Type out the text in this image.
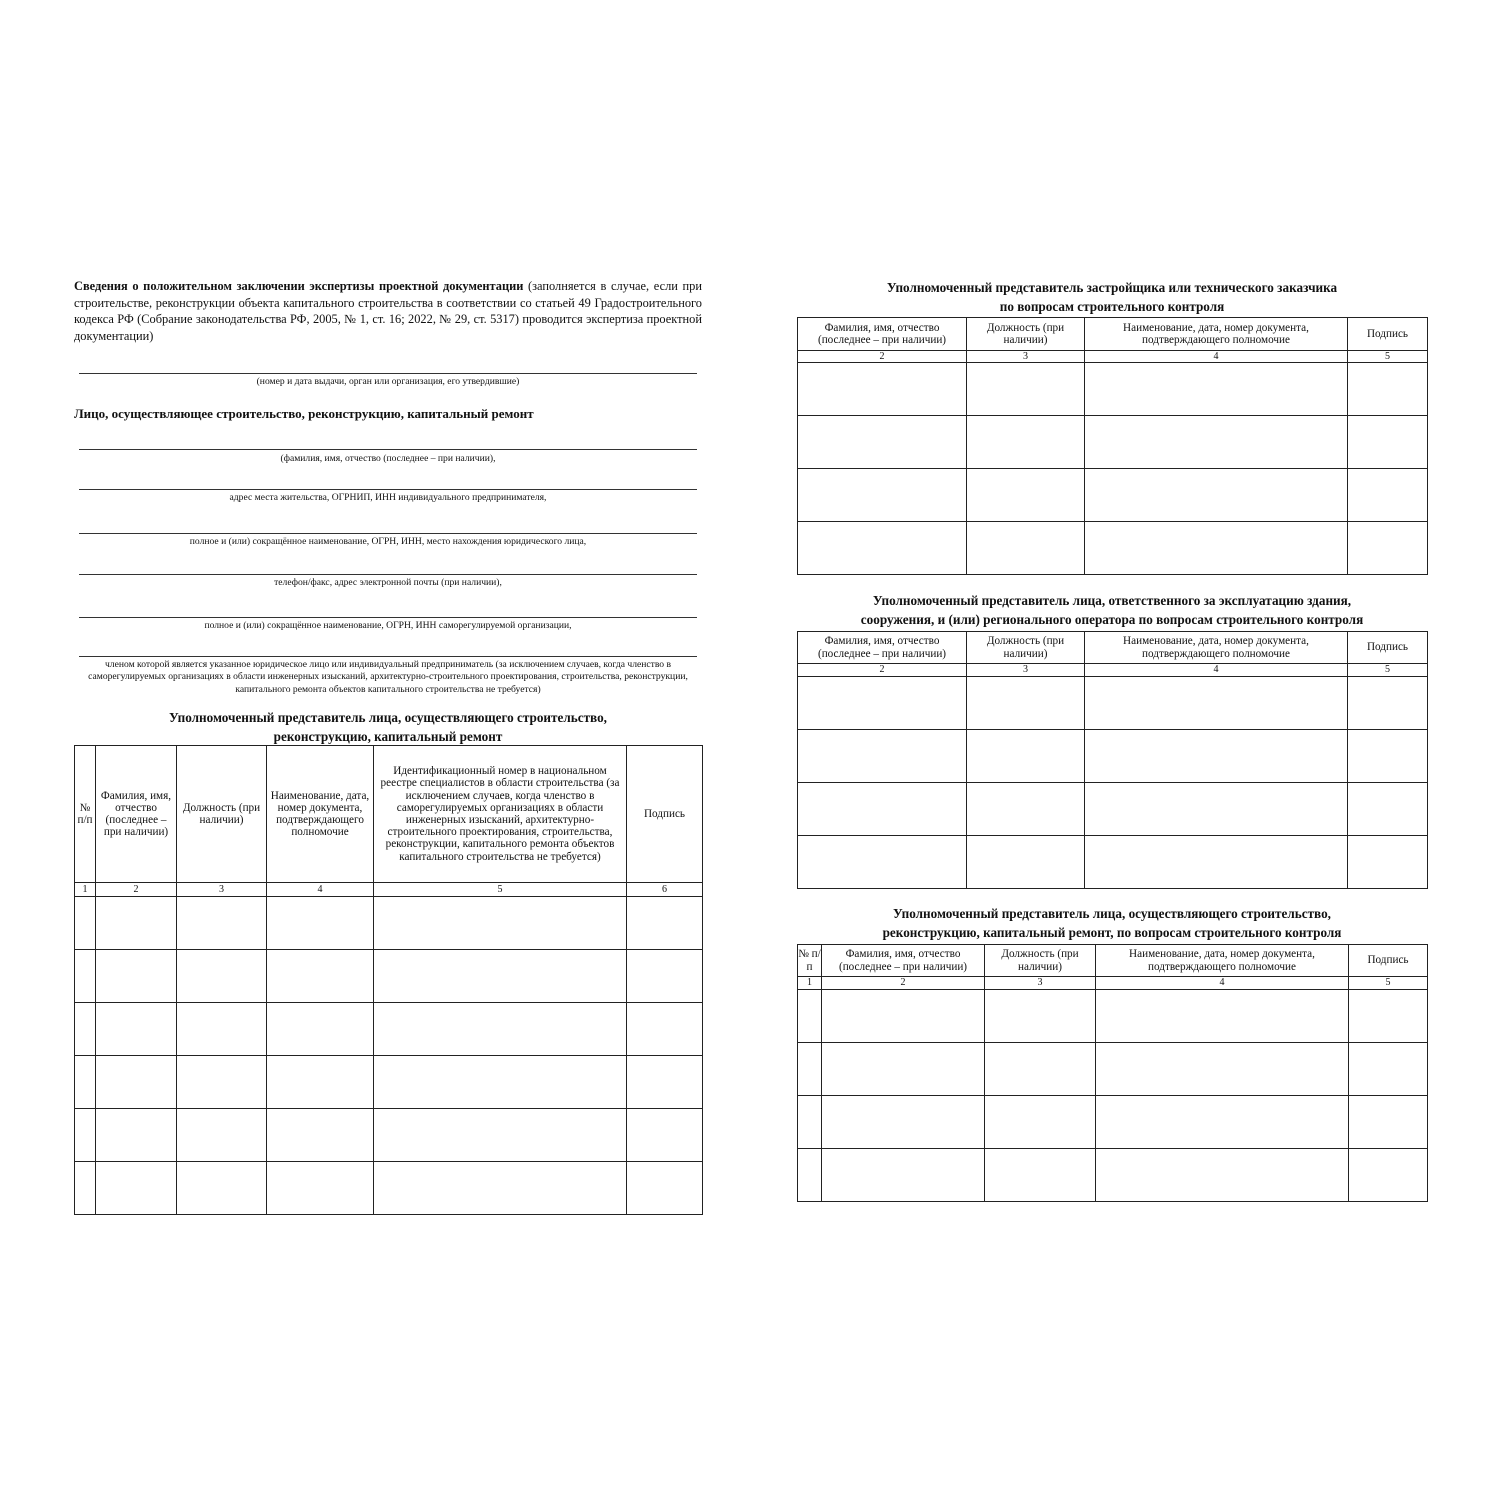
Сведения о положительном заключении экспертизы проектной документации (заполняется в случае, если при строительстве, реконструкции объекта капитального строительства в соответствии со статьей 49 Градостроительного кодекса РФ (Собрание законодательства РФ, 2005, № 1, ст. 16; 2022, № 29, ст. 5317) проводится экспертиза проектной документации)
(номер и дата выдачи, орган или организация, его утвердившие)
Лицо, осуществляющее строительство, реконструкцию, капитальный ремонт
(фамилия, имя, отчество (последнее – при наличии),
адрес места жительства, ОГРНИП, ИНН индивидуального предпринимателя,
полное и (или) сокращённое наименование, ОГРН, ИНН, место нахождения юридического лица,
телефон/факс, адрес электронной почты (при наличии),
полное и (или) сокращённое наименование, ОГРН, ИНН саморегулируемой организации,
членом которой является указанное юридическое лицо или индивидуальный предприниматель (за исключением случаев, когда членство в саморегулируемых организациях в области инженерных изысканий, архитектурно-строительного проектирования, строительства, реконструкции, капитального ремонта объектов капитального строительства не требуется)
Уполномоченный представитель лица, осуществляющего строительство,
реконструкцию, капитальный ремонт
№ п/п	Фамилия, имя, отчество (последнее – при наличии)	Должность (при наличии)	Наименование, дата, номер документа, подтверждающего полномочие	Идентификационный номер в национальном реестре специалистов в области строительства (за исключением случаев, когда членство в саморегулируемых организациях в области инженерных изысканий, архитектурно-строительного проектирования, строительства, реконструкции, капитального ремонта объектов капитального строительства не требуется)	Подпись
1	2	3	4	5	6

Уполномоченный представитель застройщика или технического заказчика
по вопросам строительного контроля
Фамилия, имя, отчество (последнее – при наличии)	Должность (при наличии)	Наименование, дата, номер документа, подтверждающего полномочие	Подпись
2	3	4	5

Уполномоченный представитель лица, ответственного за эксплуатацию здания,
сооружения, и (или) регионального оператора по вопросам строительного контроля
Фамилия, имя, отчество (последнее – при наличии)	Должность (при наличии)	Наименование, дата, номер документа, подтверждающего полномочие	Подпись
2	3	4	5

Уполномоченный представитель лица, осуществляющего строительство,
реконструкцию, капитальный ремонт, по вопросам строительного контроля
№ п/п	Фамилия, имя, отчество (последнее – при наличии)	Должность (при наличии)	Наименование, дата, номер документа, подтверждающего полномочие	Подпись
1	2	3	4	5
